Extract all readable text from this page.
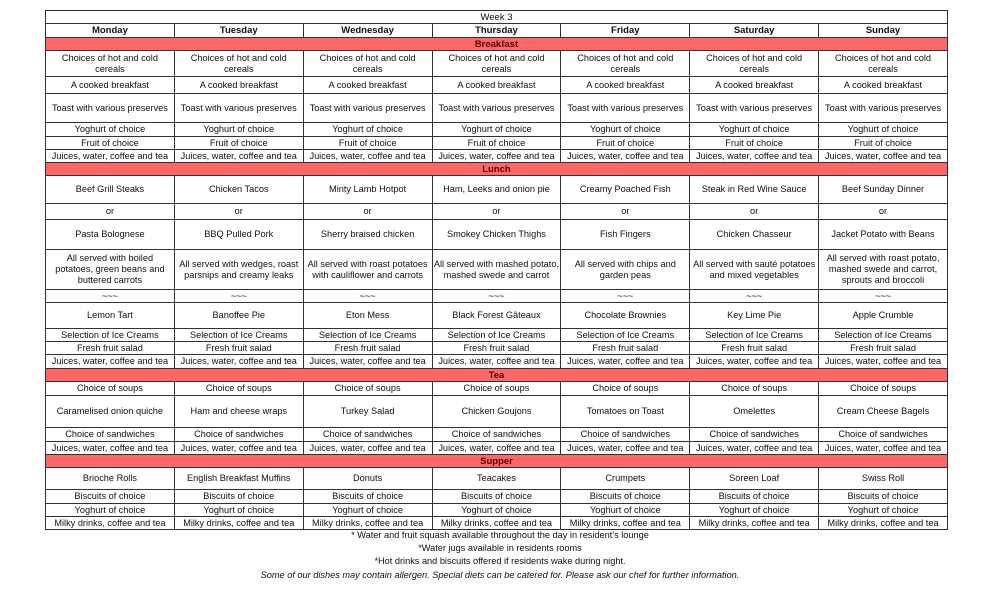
Week 3						
Monday	Tuesday	Wednesday	Thursday	Friday	Saturday	Sunday
Breakfast						
Choices of hot and cold cereals	Choices of hot and cold cereals	Choices of hot and cold cereals	Choices of hot and cold cereals	Choices of hot and cold cereals	Choices of hot and cold cereals	Choices of hot and cold cereals
A cooked breakfast	A cooked breakfast	A cooked breakfast	A cooked breakfast	A cooked breakfast	A cooked breakfast	A cooked breakfast
Toast with various preserves	Toast with various preserves	Toast with various preserves	Toast with various preserves	Toast with various preserves	Toast with various preserves	Toast with various preserves
Yoghurt of choice	Yoghurt of choice	Yoghurt of choice	Yoghurt of choice	Yoghurt of choice	Yoghurt of choice	Yoghurt of choice
Fruit of choice	Fruit of choice	Fruit of choice	Fruit of choice	Fruit of choice	Fruit of choice	Fruit of choice
Juices, water, coffee and tea	Juices, water, coffee and tea	Juices, water, coffee and tea	Juices, water, coffee and tea	Juices, water, coffee and tea	Juices, water, coffee and tea	Juices, water, coffee and tea
Lunch						
Beef Grill Steaks	Chicken Tacos	Minty Lamb Hotpot	Ham, Leeks and onion pie	Creamy Poached Fish	Steak in Red Wine Sauce	Beef Sunday Dinner
or	or	or	or	or	or	or
Pasta Bolognese	BBQ Pulled Pork	Sherry braised chicken	Smokey Chicken Thighs	Fish Fingers	Chicken Chasseur	Jacket Potato with Beans
All served with boiled potatoes, green beans and buttered carrots	All served with wedges, roast parsnips and creamy leaks	All served with roast potatoes with cauliflower and carrots	All served with mashed potato, mashed swede and carrot	All served with chips and garden peas	All served with sauté potatoes and mixed vegetables	All served with roast potato, mashed swede and carrot, sprouts and broccoli
~~~	~~~	~~~	~~~	~~~	~~~	~~~
Lemon Tart	Banoffee Pie	Eton Mess	Black Forest Gâteaux	Chocolate Brownies	Key Lime Pie	Apple Crumble
Selection of Ice Creams	Selection of Ice Creams	Selection of Ice Creams	Selection of Ice Creams	Selection of Ice Creams	Selection of Ice Creams	Selection of Ice Creams
Fresh fruit salad	Fresh fruit salad	Fresh fruit salad	Fresh fruit salad	Fresh fruit salad	Fresh fruit salad	Fresh fruit salad
Juices, water, coffee and tea	Juices, water, coffee and tea	Juices, water, coffee and tea	Juices, water, coffee and tea	Juices, water, coffee and tea	Juices, water, coffee and tea	Juices, water, coffee and tea
Tea						
Choice of soups	Choice of soups	Choice of soups	Choice of soups	Choice of soups	Choice of soups	Choice of soups
Caramelised onion quiche	Ham and cheese wraps	Turkey Salad	Chicken Goujons	Tomatoes on Toast	Omelettes	Cream Cheese Bagels
Choice of sandwiches	Choice of sandwiches	Choice of sandwiches	Choice of sandwiches	Choice of sandwiches	Choice of sandwiches	Choice of sandwiches
Juices, water, coffee and tea	Juices, water, coffee and tea	Juices, water, coffee and tea	Juices, water, coffee and tea	Juices, water, coffee and tea	Juices, water, coffee and tea	Juices, water, coffee and tea
Supper						
Brioche Rolls	English Breakfast Muffins	Donuts	Teacakes	Crumpets	Soreen Loaf	Swiss Roll
Biscuits of choice	Biscuits of choice	Biscuits of choice	Biscuits of choice	Biscuits of choice	Biscuits of choice	Biscuits of choice
Yoghurt of choice	Yoghurt of choice	Yoghurt of choice	Yoghurt of choice	Yoghurt of choice	Yoghurt of choice	Yoghurt of choice
Milky drinks, coffee and tea	Milky drinks, coffee and tea	Milky drinks, coffee and tea	Milky drinks, coffee and tea	Milky drinks, coffee and tea	Milky drinks, coffee and tea	Milky drinks, coffee and tea
* Water and fruit squash available throughout the day in resident's lounge
*Water jugs available in residents rooms
*Hot drinks and biscuits offered if residents wake during night.
Some of our dishes may contain allergen. Special diets can be catered for. Please ask our chef for further information.
